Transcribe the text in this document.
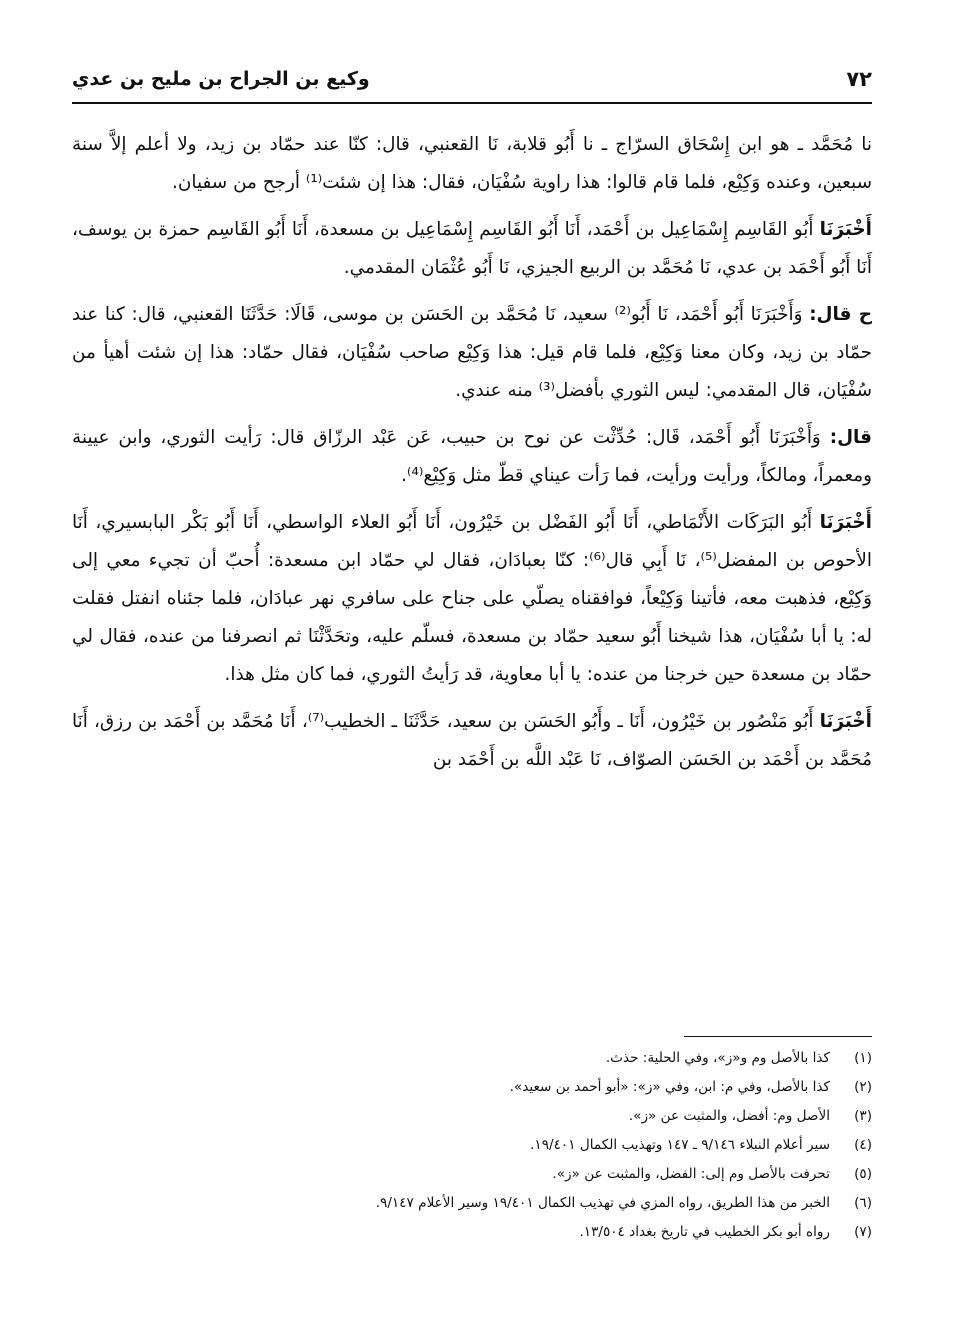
٧٢
وكيع بن الجراح بن مليح بن عدي

نا مُحَمَّد ـ هو ابن إِسْحَاق السرّاج ـ نا أَبُو قلابة، نَا القعنبي، قال: كنّا عند حمّاد بن زيد، ولا أعلم إلاَّ سنة سبعين، وعنده وَكِيْع، فلما قام قالوا: هذا راوية سُفْيَان، فقال: هذا إن شئت⁽¹⁾ أرجح من سفيان.

أَخْبَرَنَا أَبُو القَاسِم إِسْمَاعِيل بن أَحْمَد، أَنَا أَبُو القَاسِم إِسْمَاعِيل بن مسعدة، أَنَا أَبُو القَاسِم حمزة بن يوسف، أَنَا أَبُو أَحْمَد بن عدي، نَا مُحَمَّد بن الربيع الجيزي، نَا أَبُو عُثْمَان المقدمي.

ح قال: وَأَخْبَرَنَا أَبُو أَحْمَد، نَا أَبُو⁽²⁾ سعيد، نَا مُحَمَّد بن الحَسَن بن موسى، قَالَا: حَدَّثَنَا القعنبي، قال: كنا عند حمّاد بن زيد، وكان معنا وَكِيْع، فلما قام قيل: هذا وَكِيْع صاحب سُفْيَان، فقال حمّاد: هذا إن شئت أهيأ من سُفْيَان، قال المقدمي: ليس الثوري بأفضل⁽³⁾ منه عندي.

قال: وَأَخْبَرَنَا أَبُو أَحْمَد، قَال: حُدِّثْت عن نوح بن حبيب، عَن عَبْد الرزّاق قال: رَأيت الثوري، وابن عيينة ومعمراً، ومالكاً، ورأيت ورأيت، فما رَأت عيناي قطّ مثل وَكِيْع⁽⁴⁾.

أَخْبَرَنَا أَبُو البَرَكَات الأَنْمَاطي، أَنَا أَبُو الفَضْل بن خَيْرُون، أَنَا أَبُو العلاء الواسطي، أَنَا أَبُو بَكْر البابسيري، أَنَا الأحوص بن المفضل⁽⁵⁾، نَا أَبِي قال⁽⁶⁾: كنّا بعبادَان، فقال لي حمّاد ابن مسعدة: أُحبّ أن تجيء معي إلى وَكِيْع، فذهبت معه، فأتينا وَكِيْعاً، فوافقناه يصلّي على جناح على سافري نهر عبادَان، فلما جئناه انفتل فقلت له: يا أبا سُفْيَان، هذا شيخنا أَبُو سعيد حمّاد بن مسعدة، فسلّم عليه، وتحَدَّثْنَا ثم انصرفنا من عنده، فقال لي حمّاد بن مسعدة حين خرجنا من عنده: يا أبا معاوية، قد رَأيتُ الثوري، فما كان مثل هذا.

أَخْبَرَنَا أَبُو مَنْصُور بن خَيْرُون، أَنَا ـ وأَبُو الحَسَن بن سعيد، حَدَّثَنَا ـ الخطيب⁽⁷⁾، أَنَا مُحَمَّد بن أَحْمَد بن رزق، أَنَا مُحَمَّد بن أَحْمَد بن الحَسَن الصوّاف، نَا عَبْد اللَّه بن أَحْمَد بن

(١)
كذا بالأصل وم و«ز»، وفي الحلية: حذث.
(٢)
كذا بالأصل، وفي م: ابن، وفي «ز»: «أبو أحمد بن سعيد».
(٣)
الأصل وم: أفضل، والمثبت عن «ز».
(٤)
سير أعلام النبلاء ٩/١٤٦ ـ ١٤٧ وتهذيب الكمال ١٩/٤٠١.
(٥)
تحرفت بالأصل وم إلى: الفضل، والمثبت عن «ز».
(٦)
الخبر من هذا الطريق، رواه المزي في تهذيب الكمال ١٩/٤٠١ وسير الأعلام ٩/١٤٧.
(٧)
رواه أبو بكر الخطيب في تاريخ بغداد ١٣/٥٠٤.
